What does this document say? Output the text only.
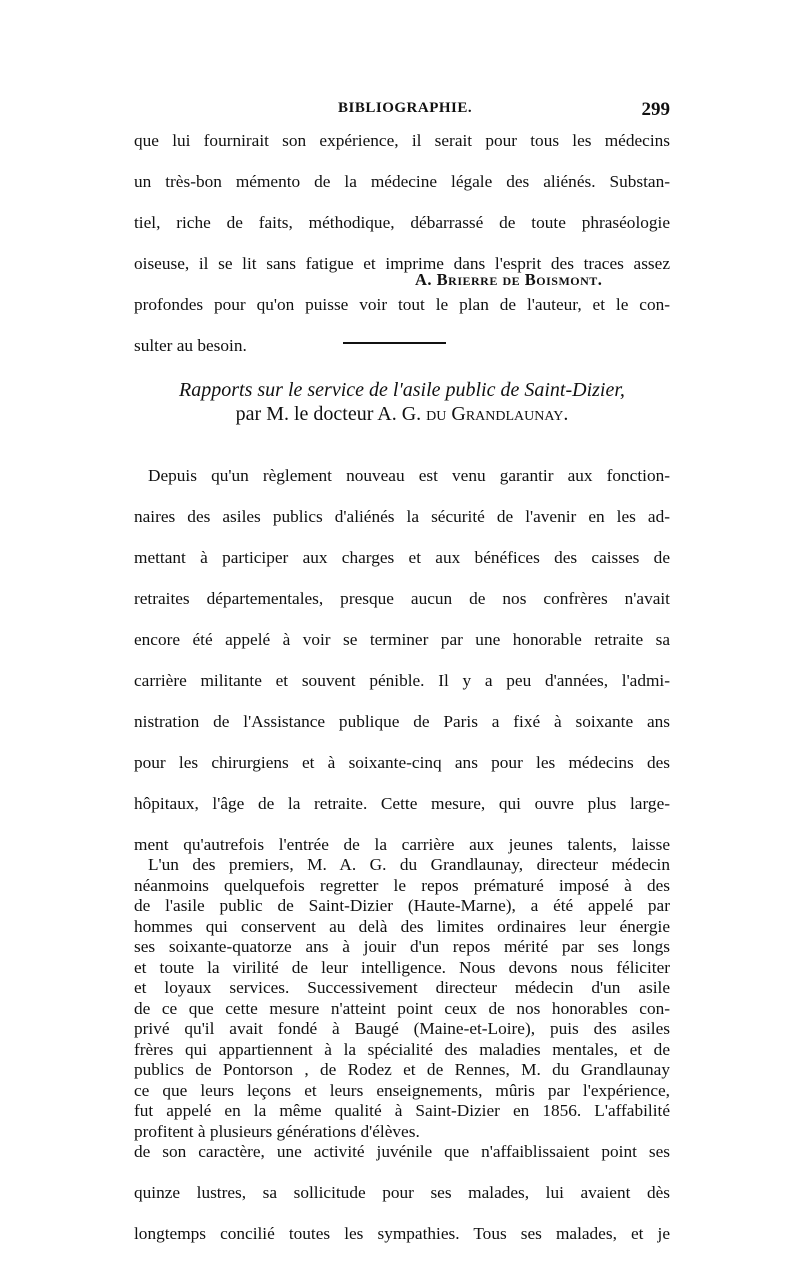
BIBLIOGRAPHIE.	299

que lui fournirait son expérience, il serait pour tous les médecins

un très-bon mémento de la médecine légale des aliénés. Substan-

tiel, riche de faits, méthodique, débarrassé de toute phraséologie

oiseuse, il se lit sans fatigue et imprime dans l'esprit des traces assez

profondes pour qu'on puisse voir tout le plan de l'auteur, et le con-

sulter au besoin.

A. Brierre de Boismont.

Rapports sur le service de l'asile public de Saint-Dizier,

par M. le docteur A. G. du Grandlaunay.

Depuis qu'un règlement nouveau est venu garantir aux fonction-

naires des asiles publics d'aliénés la sécurité de l'avenir en les ad-

mettant à participer aux charges et aux bénéfices des caisses de

retraites départementales, presque aucun de nos confrères n'avait

encore été appelé à voir se terminer par une honorable retraite sa

carrière militante et souvent pénible. Il y a peu d'années, l'admi-

nistration de l'Assistance publique de Paris a fixé à soixante ans

pour les chirurgiens et à soixante-cinq ans pour les médecins des

hôpitaux, l'âge de la retraite. Cette mesure, qui ouvre plus large-

ment qu'autrefois l'entrée de la carrière aux jeunes talents, laisse

néanmoins quelquefois regretter le repos prématuré imposé à des

hommes qui conservent au delà des limites ordinaires leur énergie

et toute la virilité de leur intelligence. Nous devons nous féliciter

de ce que cette mesure n'atteint point ceux de nos honorables con-

frères qui appartiennent à la spécialité des maladies mentales, et de

ce que leurs leçons et leurs enseignements, mûris par l'expérience,

profitent à plusieurs générations d'élèves.

L'un des premiers, M. A. G. du Grandlaunay, directeur médecin

de l'asile public de Saint-Dizier (Haute-Marne), a été appelé par

ses soixante-quatorze ans à jouir d'un repos mérité par ses longs

et loyaux services. Successivement directeur médecin d'un asile

privé qu'il avait fondé à Baugé (Maine-et-Loire), puis des asiles

publics de Pontorson , de Rodez et de Rennes, M. du Grandlaunay

fut appelé en la même qualité à Saint-Dizier en 1856. L'affabilité

de son caractère, une activité juvénile que n'affaiblissaient point ses

quinze lustres, sa sollicitude pour ses malades, lui avaient dès

longtemps concilié toutes les sympathies. Tous ses malades, et je
